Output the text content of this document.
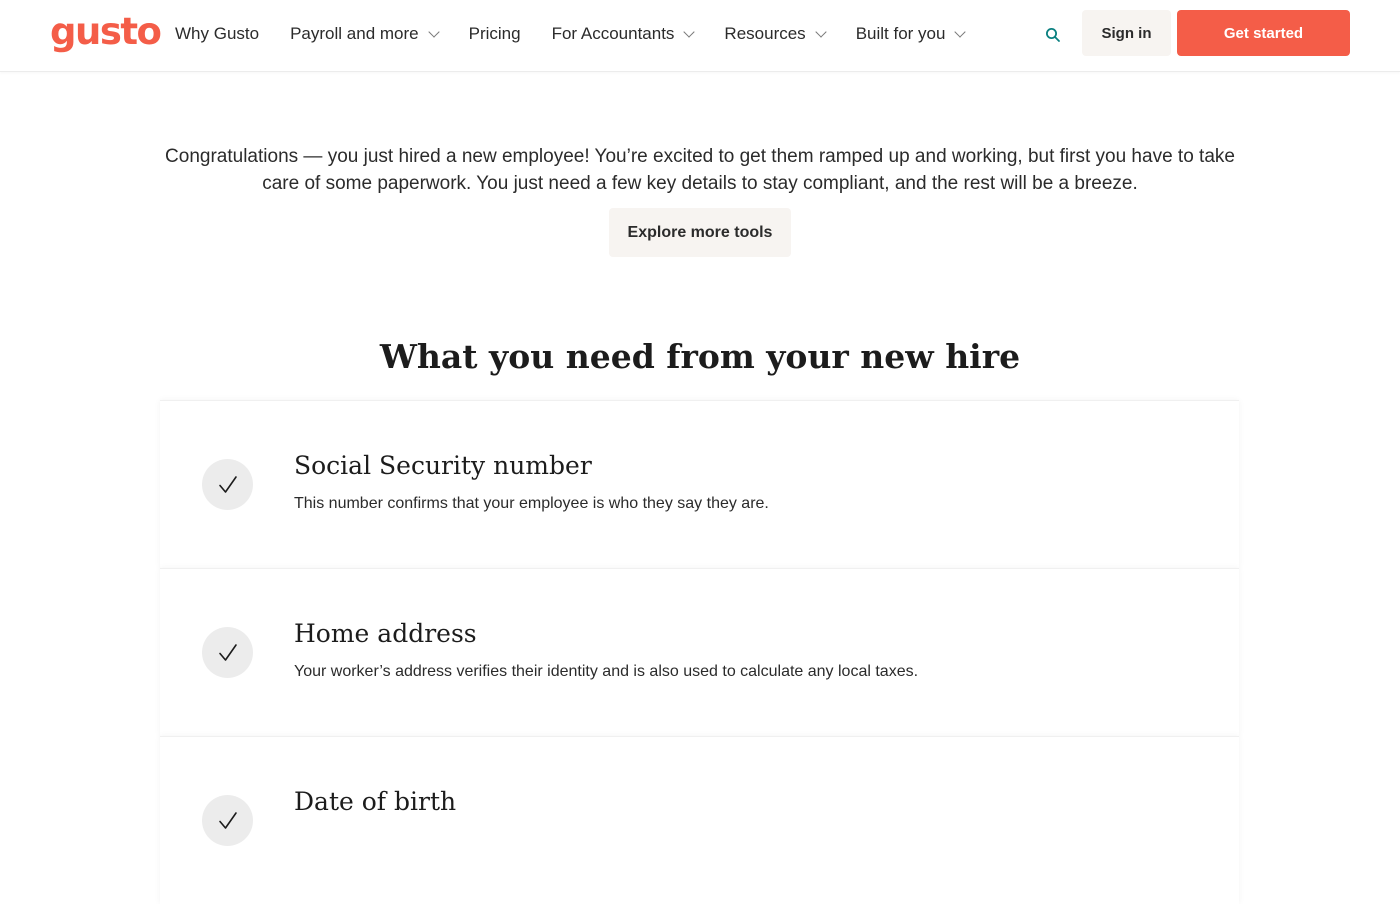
gusto Why Gusto Payroll and more	Pricing For Accountants	Resources	Built for you	Sign in	Get started

Congratulations — you just hired a new employee! You’re excited to get them ramped up and working, but first you have to take care of some paperwork. You just need a few key details to stay compliant, and the rest will be a breeze.

Explore more tools
What you need from your new hire
Social Security number
This number confirms that your employee is who they say they are.
Home address
Your worker’s address verifies their identity and is also used to calculate any local taxes.
Date of birth
